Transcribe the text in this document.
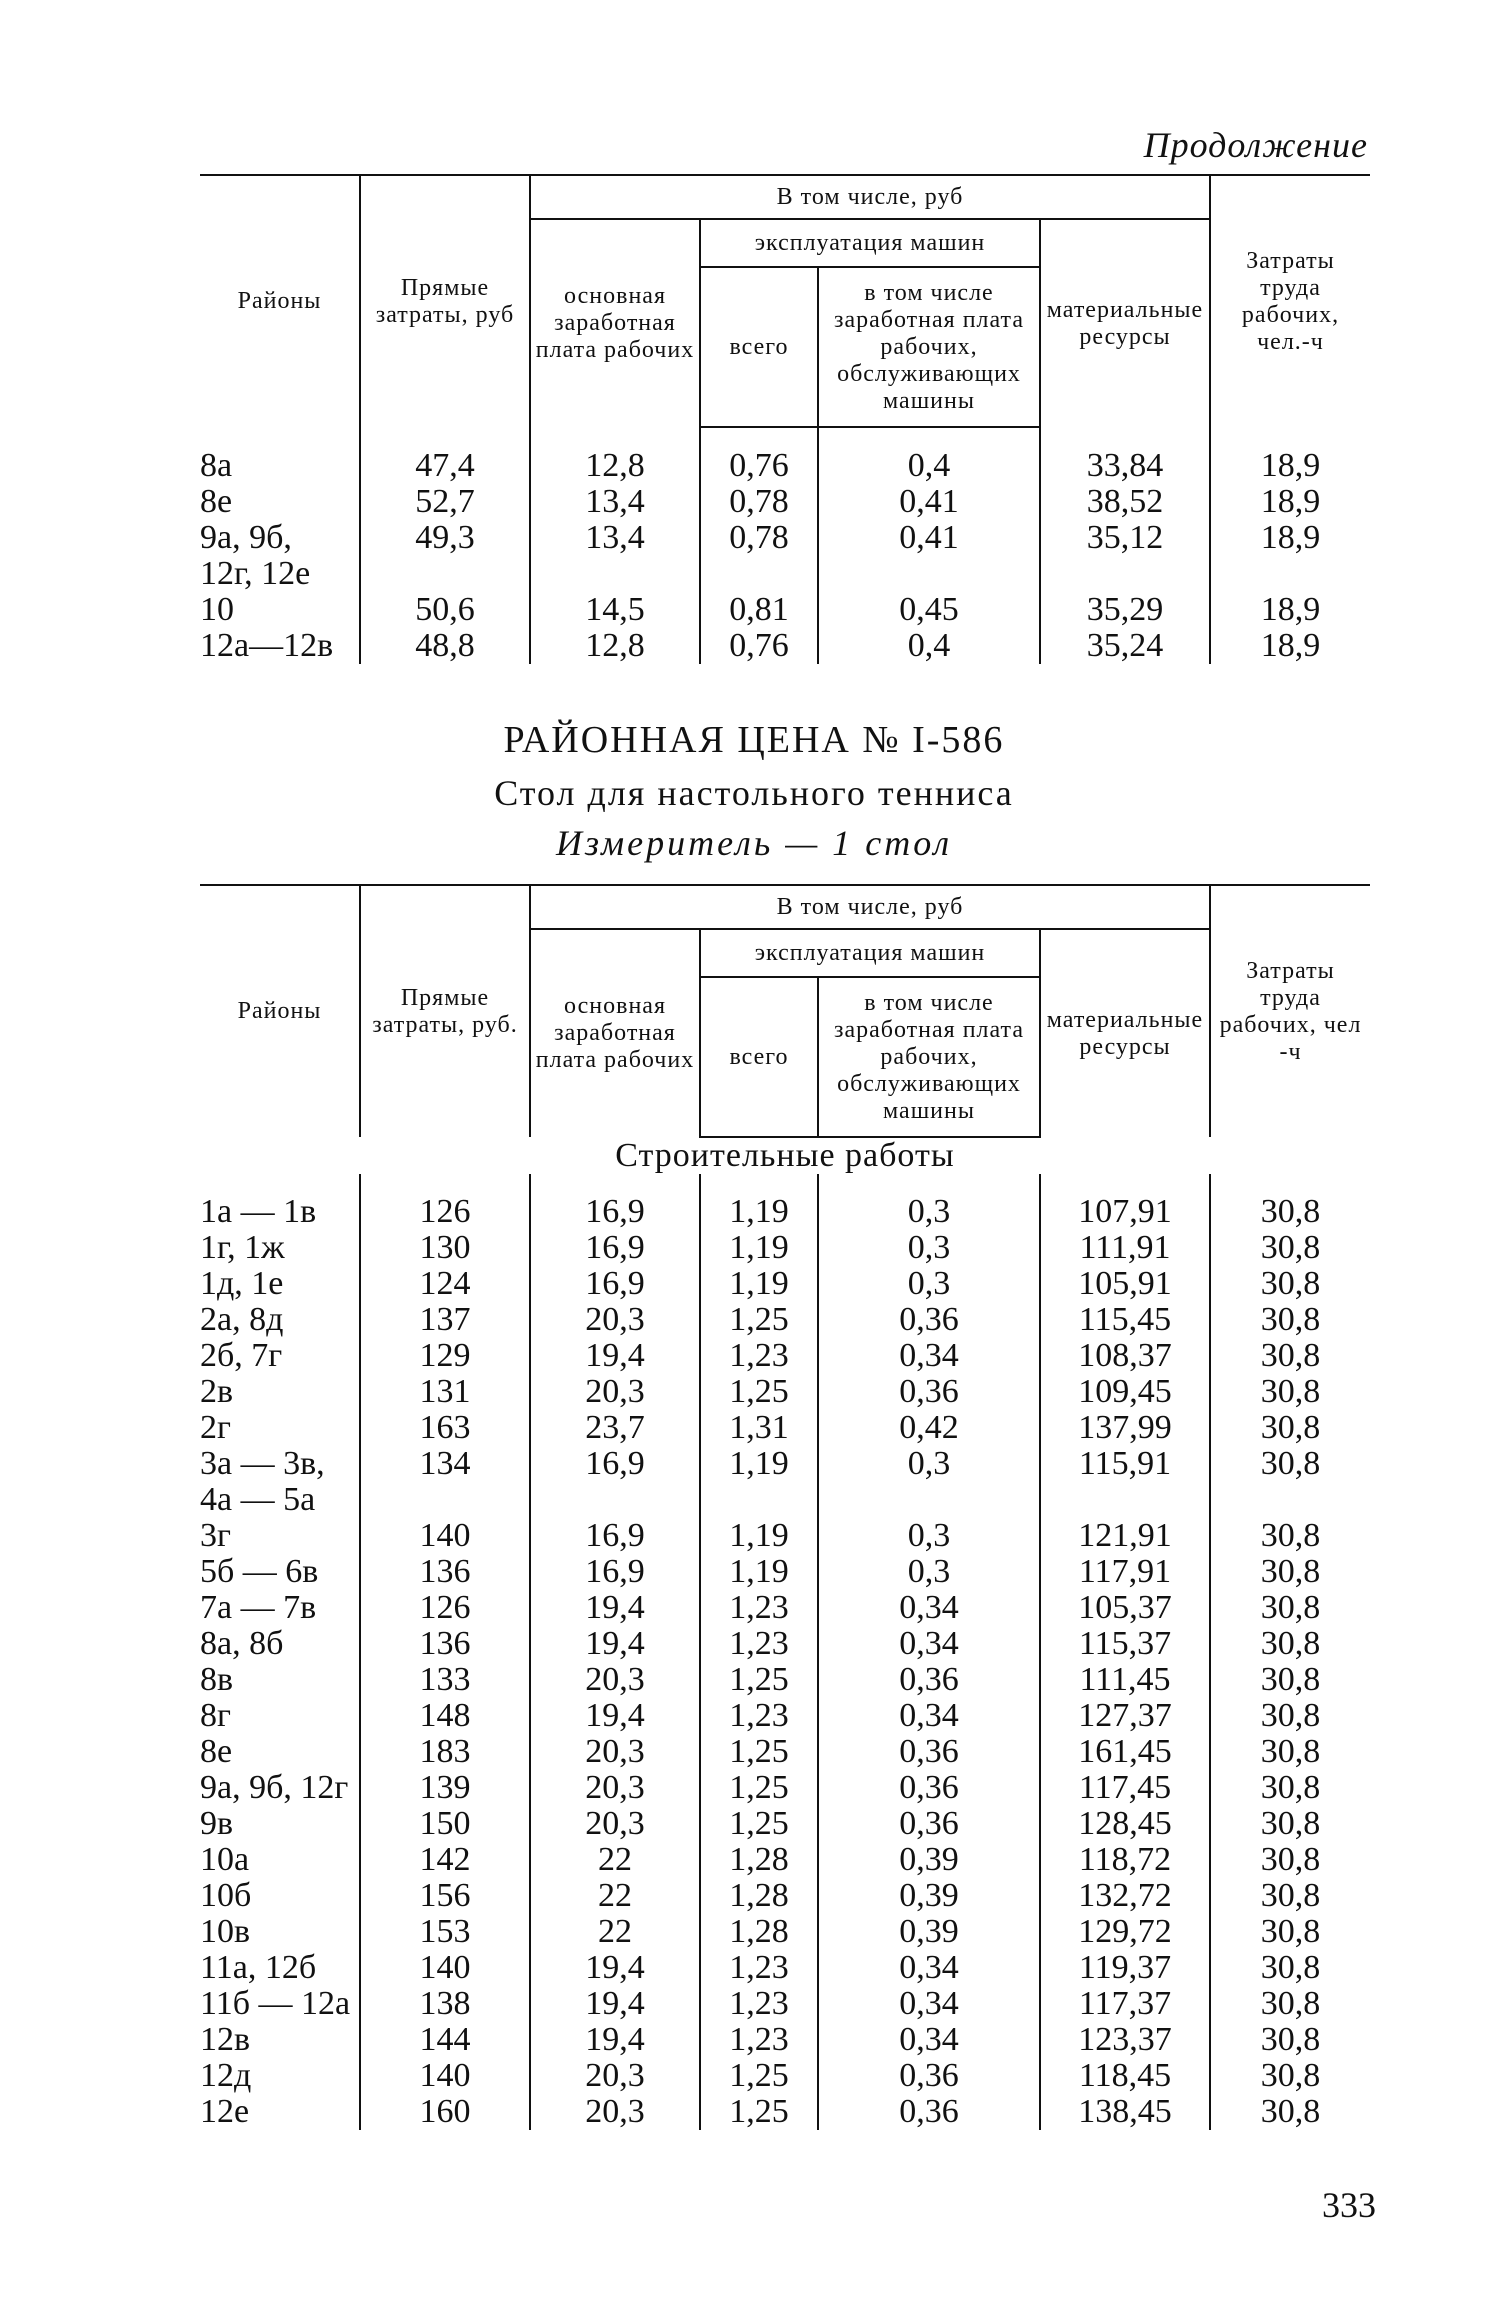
Продолжение
Районы	Прямые затраты, руб	В том числе, руб				Затраты труда рабочих, чел.-ч
		основная заработная плата рабочих	эксплуатация машин		материальные ресурсы	
			всего	в том числе заработная плата рабочих, обслуживающих машины		

8а	47,4	12,8	0,76	0,4	33,84	18,9
8е	52,7	13,4	0,78	0,41	38,52	18,9
9а, 9б,
12г, 12е	49,3	13,4	0,78	0,41	35,12	18,9
10	50,6	14,5	0,81	0,45	35,29	18,9
12а—12в	48,8	12,8	0,76	0,4	35,24	18,9
РАЙОННАЯ ЦЕНА № I-586
Стол для настольного тенниса
Измеритель — 1 стол
Районы	Прямые затраты, руб.	В том числе, руб				Затраты труда рабочих, чел -ч
		основная заработная плата рабочих	эксплуатация машин		материальные ресурсы	
			всего	в том числе заработная плата рабочих, обслуживающих машины		
Строительные работы						

1а — 1в	126	16,9	1,19	0,3	107,91	30,8
1г, 1ж	130	16,9	1,19	0,3	111,91	30,8
1д, 1е	124	16,9	1,19	0,3	105,91	30,8
2а, 8д	137	20,3	1,25	0,36	115,45	30,8
2б, 7г	129	19,4	1,23	0,34	108,37	30,8
2в	131	20,3	1,25	0,36	109,45	30,8
2г	163	23,7	1,31	0,42	137,99	30,8
3а — 3в,
4а — 5а	134	16,9	1,19	0,3	115,91	30,8
3г	140	16,9	1,19	0,3	121,91	30,8
5б — 6в	136	16,9	1,19	0,3	117,91	30,8
7а — 7в	126	19,4	1,23	0,34	105,37	30,8
8а, 8б	136	19,4	1,23	0,34	115,37	30,8
8в	133	20,3	1,25	0,36	111,45	30,8
8г	148	19,4	1,23	0,34	127,37	30,8
8е	183	20,3	1,25	0,36	161,45	30,8
9а, 9б, 12г	139	20,3	1,25	0,36	117,45	30,8
9в	150	20,3	1,25	0,36	128,45	30,8
10а	142	22	1,28	0,39	118,72	30,8
10б	156	22	1,28	0,39	132,72	30,8
10в	153	22	1,28	0,39	129,72	30,8
11а, 12б	140	19,4	1,23	0,34	119,37	30,8
11б — 12а	138	19,4	1,23	0,34	117,37	30,8
12в	144	19,4	1,23	0,34	123,37	30,8
12д	140	20,3	1,25	0,36	118,45	30,8
12е	160	20,3	1,25	0,36	138,45	30,8
333
